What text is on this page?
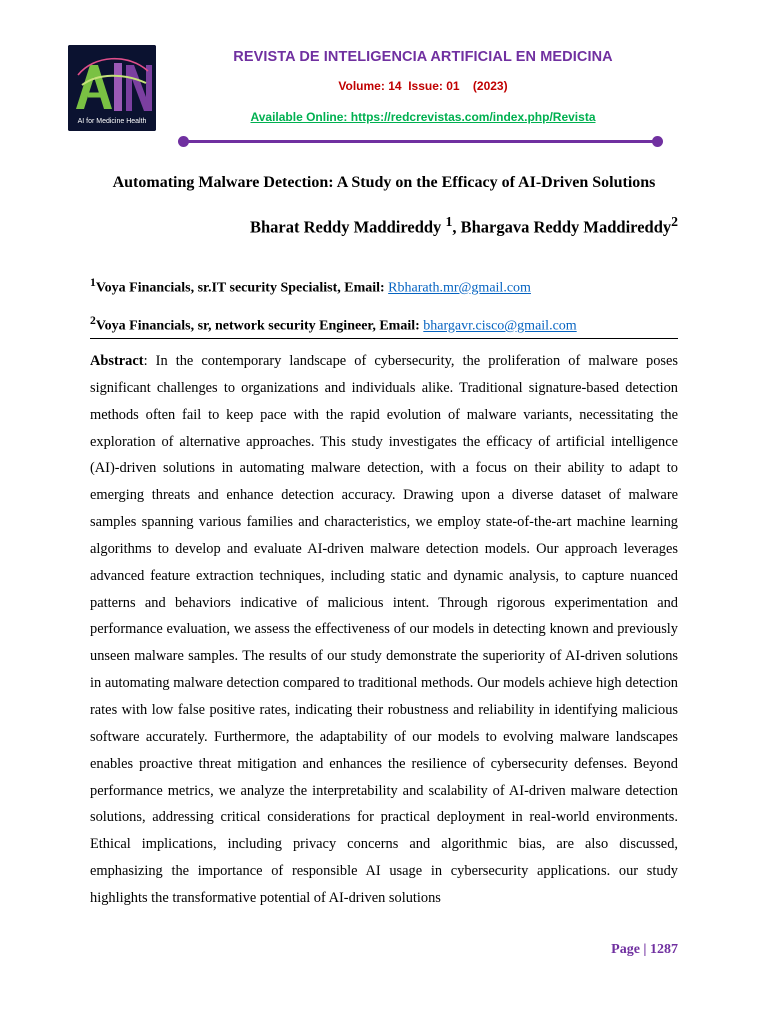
AI for Medicine Health
REVISTA DE INTELIGENCIA ARTIFICIAL EN MEDICINA
Volume: 14  Issue: 01    (2023)
Available Online: https://redcrevistas.com/index.php/Revista
Automating Malware Detection: A Study on the Efficacy of AI-Driven Solutions
Bharat Reddy Maddireddy $^1$, Bhargava Reddy Maddireddy$^2$
$^1$Voya Financials, sr.IT security Specialist, Email: Rbharath.mr@gmail.com
$^2$Voya Financials, sr, network security Engineer, Email: bhargavr.cisco@gmail.com
Abstract: In the contemporary landscape of cybersecurity, the proliferation of malware poses significant challenges to organizations and individuals alike. Traditional signature-based detection methods often fail to keep pace with the rapid evolution of malware variants, necessitating the exploration of alternative approaches. This study investigates the efficacy of artificial intelligence (AI)-driven solutions in automating malware detection, with a focus on their ability to adapt to emerging threats and enhance detection accuracy. Drawing upon a diverse dataset of malware samples spanning various families and characteristics, we employ state-of-the-art machine learning algorithms to develop and evaluate AI-driven malware detection models. Our approach leverages advanced feature extraction techniques, including static and dynamic analysis, to capture nuanced patterns and behaviors indicative of malicious intent. Through rigorous experimentation and performance evaluation, we assess the effectiveness of our models in detecting known and previously unseen malware samples. The results of our study demonstrate the superiority of AI-driven solutions in automating malware detection compared to traditional methods. Our models achieve high detection rates with low false positive rates, indicating their robustness and reliability in identifying malicious software accurately. Furthermore, the adaptability of our models to evolving malware landscapes enables proactive threat mitigation and enhances the resilience of cybersecurity defenses. Beyond performance metrics, we analyze the interpretability and scalability of AI-driven malware detection solutions, addressing critical considerations for practical deployment in real-world environments. Ethical implications, including privacy concerns and algorithmic bias, are also discussed, emphasizing the importance of responsible AI usage in cybersecurity applications. our study highlights the transformative potential of AI-driven solutions
Page | 1287
